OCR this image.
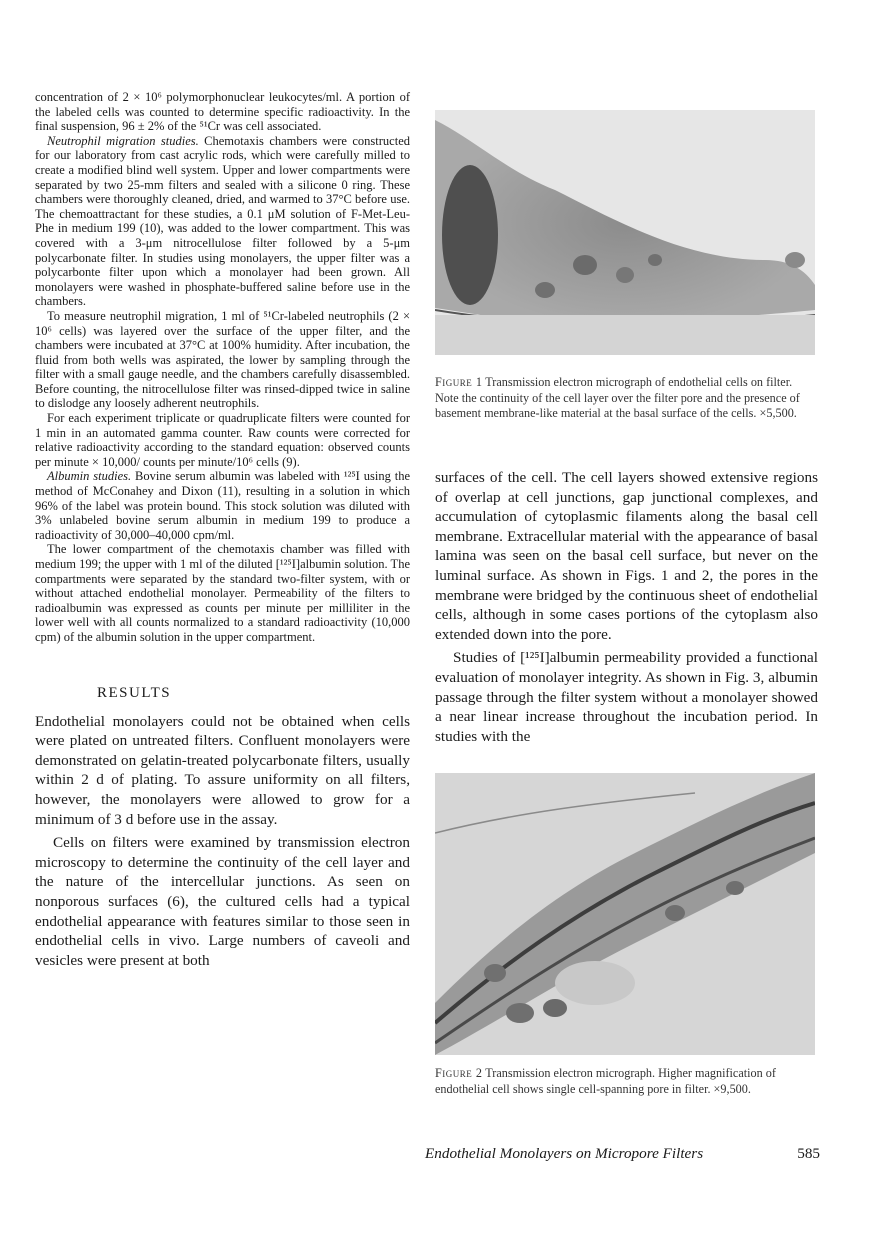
concentration of 2 × 10⁶ polymorphonuclear leukocytes/ml. A portion of the labeled cells was counted to determine specific radioactivity. In the final suspension, 96 ± 2% of the ⁵¹Cr was cell associated.

Neutrophil migration studies. Chemotaxis chambers were constructed for our laboratory from cast acrylic rods, which were carefully milled to create a modified blind well system. Upper and lower compartments were separated by two 25-mm filters and sealed with a silicone 0 ring. These chambers were thoroughly cleaned, dried, and warmed to 37°C before use. The chemoattractant for these studies, a 0.1 μM solution of F-Met-Leu-Phe in medium 199 (10), was added to the lower compartment. This was covered with a 3-μm nitrocellulose filter followed by a 5-μm polycarbonate filter. In studies using monolayers, the upper filter was a polycarbonte filter upon which a monolayer had been grown. All monolayers were washed in phosphate-buffered saline before use in the chambers.

To measure neutrophil migration, 1 ml of ⁵¹Cr-labeled neutrophils (2 × 10⁶ cells) was layered over the surface of the upper filter, and the chambers were incubated at 37°C at 100% humidity. After incubation, the fluid from both wells was aspirated, the lower by sampling through the filter with a small gauge needle, and the chambers carefully disassembled. Before counting, the nitrocellulose filter was rinsed-dipped twice in saline to dislodge any loosely adherent neutrophils.

For each experiment triplicate or quadruplicate filters were counted for 1 min in an automated gamma counter. Raw counts were corrected for relative radioactivity according to the standard equation: observed counts per minute × 10,000/ counts per minute/10⁶ cells (9).

Albumin studies. Bovine serum albumin was labeled with ¹²⁵I using the method of McConahey and Dixon (11), resulting in a solution in which 96% of the label was protein bound. This stock solution was diluted with 3% unlabeled bovine serum albumin in medium 199 to produce a radioactivity of 30,000–40,000 cpm/ml.

The lower compartment of the chemotaxis chamber was filled with medium 199; the upper with 1 ml of the diluted [¹²⁵I]albumin solution. The compartments were separated by the standard two-filter system, with or without attached endothelial monolayer. Permeability of the filters to radioalbumin was expressed as counts per minute per milliliter in the lower well with all counts normalized to a standard radioactivity (10,000 cpm) of the albumin solution in the upper compartment.

RESULTS

Endothelial monolayers could not be obtained when cells were plated on untreated filters. Confluent monolayers were demonstrated on gelatin-treated polycarbonate filters, usually within 2 d of plating. To assure uniformity on all filters, however, the monolayers were allowed to grow for a minimum of 3 d before use in the assay.

Cells on filters were examined by transmission electron microscopy to determine the continuity of the cell layer and the nature of the intercellular junctions. As seen on nonporous surfaces (6), the cultured cells had a typical endothelial appearance with features similar to those seen in endothelial cells in vivo. Large numbers of caveoli and vesicles were present at both

Figure 1 Transmission electron micrograph of endothelial cells on filter. Note the continuity of the cell layer over the filter pore and the presence of basement membrane-like material at the basal surface of the cells. ×5,500.

surfaces of the cell. The cell layers showed extensive regions of overlap at cell junctions, gap junctional complexes, and accumulation of cytoplasmic filaments along the basal cell membrane. Extracellular material with the appearance of basal lamina was seen on the basal cell surface, but never on the luminal surface. As shown in Figs. 1 and 2, the pores in the membrane were bridged by the continuous sheet of endothelial cells, although in some cases portions of the cytoplasm also extended down into the pore.

Studies of [¹²⁵I]albumin permeability provided a functional evaluation of monolayer integrity. As shown in Fig. 3, albumin passage through the filter system without a monolayer showed a near linear increase throughout the incubation period. In studies with the

Figure 2 Transmission electron micrograph. Higher magnification of endothelial cell shows single cell-spanning pore in filter. ×9,500.
Endothelial Monolayers on Micropore Filters	585
